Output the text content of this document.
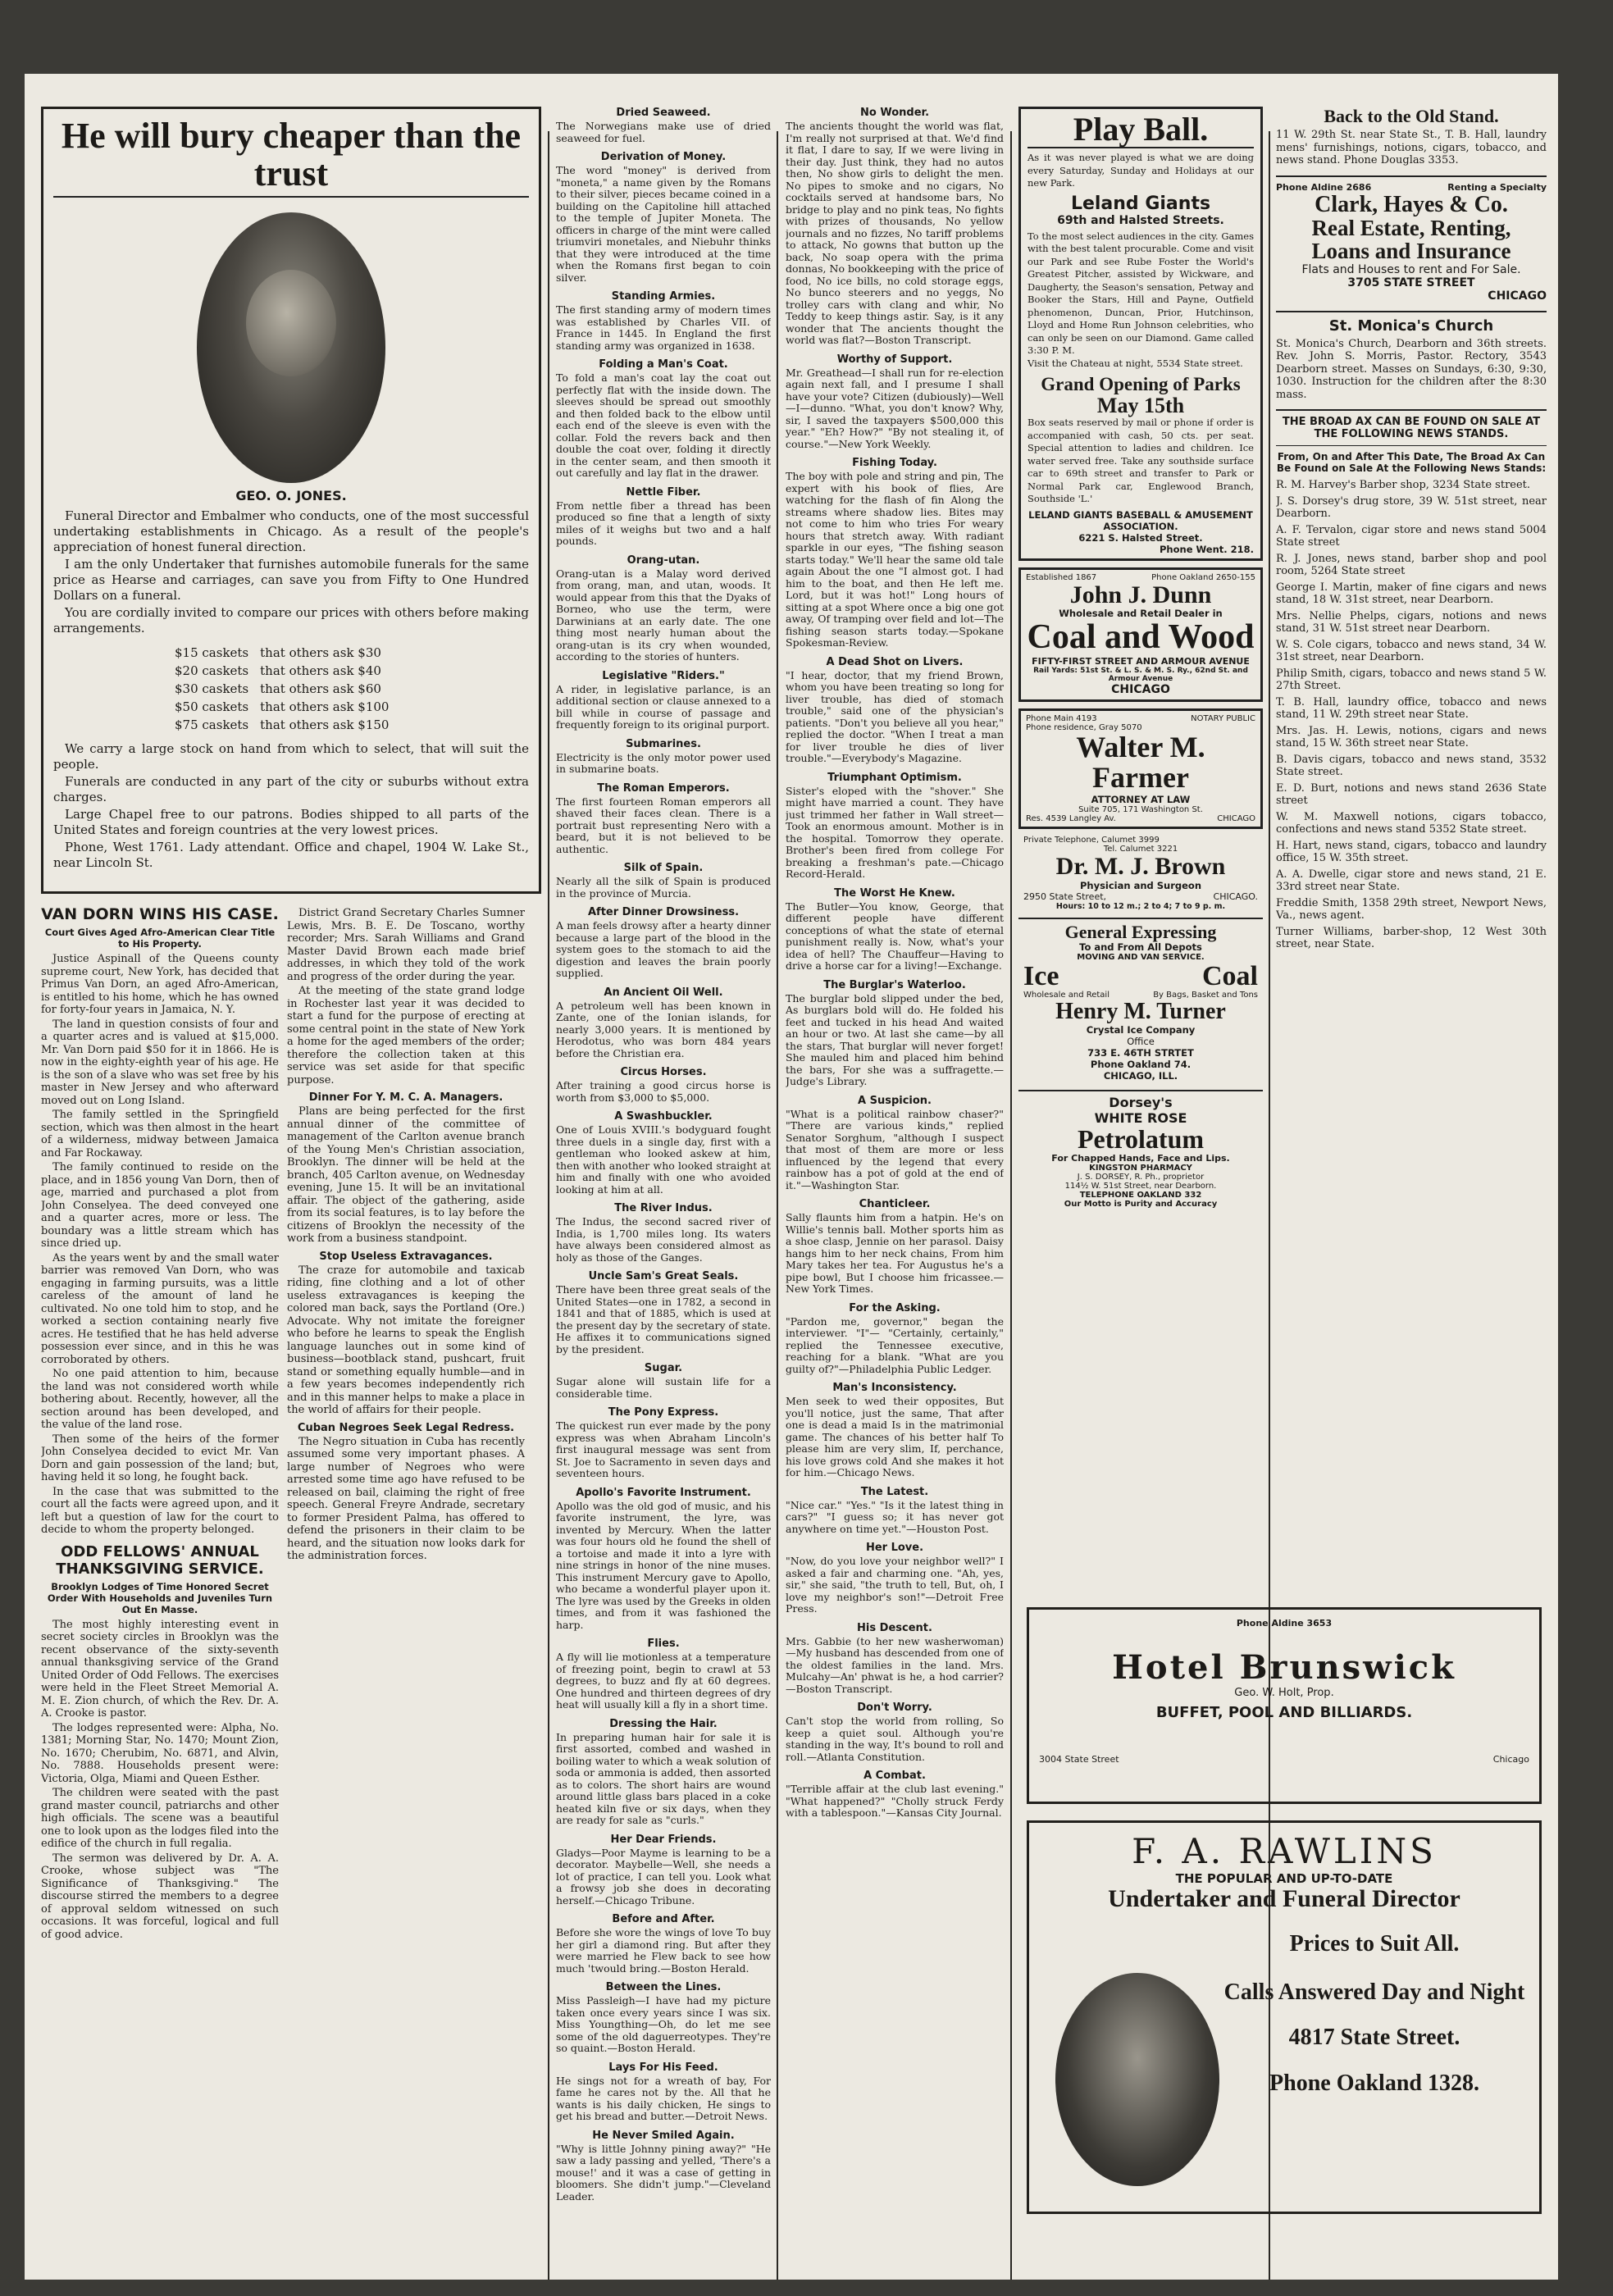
He will bury cheaper than the trust
GEO. O. JONES.

Funeral Director and Embalmer who conducts, one of the most successful undertaking establishments in Chicago. As a result of the people's appreciation of honest funeral direction.

I am the only Undertaker that furnishes automobile funerals for the same price as Hearse and carriages, can save you from Fifty to One Hundred Dollars on a funeral.

You are cordially invited to compare our prices with others before making arrangements.

$15 caskets	that others ask $30
$20 caskets	that others ask $40
$30 caskets	that others ask $60
$50 caskets	that others ask $100
$75 caskets	that others ask $150

We carry a large stock on hand from which to select, that will suit the people.

Funerals are conducted in any part of the city or suburbs without extra charges.

Large Chapel free to our patrons. Bodies shipped to all parts of the United States and foreign countries at the very lowest prices.

Phone, West 1761. Lady attendant. Office and chapel, 1904 W. Lake St., near Lincoln St.

VAN DORN WINS HIS CASE.
Court Gives Aged Afro-American Clear Title to His Property.

Justice Aspinall of the Queens county supreme court, New York, has decided that Primus Van Dorn, an aged Afro-American, is entitled to his home, which he has owned for forty-four years in Jamaica, N. Y.

The land in question consists of four and a quarter acres and is valued at $15,000. Mr. Van Dorn paid $50 for it in 1866. He is now in the eighty-eighth year of his age. He is the son of a slave who was set free by his master in New Jersey and who afterward moved out on Long Island.

The family settled in the Springfield section, which was then almost in the heart of a wilderness, midway between Jamaica and Far Rockaway.

The family continued to reside on the place, and in 1856 young Van Dorn, then of age, married and purchased a plot from John Conselyea. The deed conveyed one and a quarter acres, more or less. The boundary was a little stream which has since dried up.

As the years went by and the small water barrier was removed Van Dorn, who was engaging in farming pursuits, was a little careless of the amount of land he cultivated. No one told him to stop, and he worked a section containing nearly five acres. He testified that he has held adverse possession ever since, and in this he was corroborated by others.

No one paid attention to him, because the land was not considered worth while bothering about. Recently, however, all the section around has been developed, and the value of the land rose.

Then some of the heirs of the former John Conselyea decided to evict Mr. Van Dorn and gain possession of the land; but, having held it so long, he fought back.

In the case that was submitted to the court all the facts were agreed upon, and it left but a question of law for the court to decide to whom the property belonged.

ODD FELLOWS' ANNUAL THANKSGIVING SERVICE.
Brooklyn Lodges of Time Honored Secret Order With Households and Juveniles Turn Out En Masse.

The most highly interesting event in secret society circles in Brooklyn was the recent observance of the sixty-seventh annual thanksgiving service of the Grand United Order of Odd Fellows. The exercises were held in the Fleet Street Memorial A. M. E. Zion church, of which the Rev. Dr. A. A. Crooke is pastor.

The lodges represented were: Alpha, No. 1381; Morning Star, No. 1470; Mount Zion, No. 1670; Cherubim, No. 6871, and Alvin, No. 7888. Households present were: Victoria, Olga, Miami and Queen Esther.

The children were seated with the past grand master council, patriarchs and other high officials. The scene was a beautiful one to look upon as the lodges filed into the edifice of the church in full regalia.

The sermon was delivered by Dr. A. A. Crooke, whose subject was "The Significance of Thanksgiving." The discourse stirred the members to a degree of approval seldom witnessed on such occasions. It was forceful, logical and full of good advice.

District Grand Secretary Charles Sumner Lewis, Mrs. B. E. De Toscano, worthy recorder; Mrs. Sarah Williams and Grand Master David Brown each made brief addresses, in which they told of the work and progress of the order during the year.

At the meeting of the state grand lodge in Rochester last year it was decided to start a fund for the purpose of erecting at some central point in the state of New York a home for the aged members of the order; therefore the collection taken at this service was set aside for that specific purpose.

Dinner For Y. M. C. A. Managers.
Plans are being perfected for the first annual dinner of the committee of management of the Carlton avenue branch of the Young Men's Christian association, Brooklyn. The dinner will be held at the branch, 405 Carlton avenue, on Wednesday evening, June 15. It will be an invitational affair. The object of the gathering, aside from its social features, is to lay before the citizens of Brooklyn the necessity of the work from a business standpoint.
Stop Useless Extravagances.
The craze for automobile and taxicab riding, fine clothing and a lot of other useless extravagances is keeping the colored man back, says the Portland (Ore.) Advocate. Why not imitate the foreigner who before he learns to speak the English language launches out in some kind of business—bootblack stand, pushcart, fruit stand or something equally humble—and in a few years becomes independently rich and in this manner helps to make a place in the world of affairs for their people.
Cuban Negroes Seek Legal Redress.
The Negro situation in Cuba has recently assumed some very important phases. A large number of Negroes who were arrested some time ago have refused to be released on bail, claiming the right of free speech. General Freyre Andrade, secretary to former President Palma, has offered to defend the prisoners in their claim to be heard, and the situation now looks dark for the administration forces.
Dried Seaweed.
The Norwegians make use of dried seaweed for fuel.
Derivation of Money.
The word "money" is derived from "moneta," a name given by the Romans to their silver, pieces became coined in a building on the Capitoline hill attached to the temple of Jupiter Moneta. The officers in charge of the mint were called triumviri monetales, and Niebuhr thinks that they were introduced at the time when the Romans first began to coin silver.
Standing Armies.
The first standing army of modern times was established by Charles VII. of France in 1445. In England the first standing army was organized in 1638.
Folding a Man's Coat.
To fold a man's coat lay the coat out perfectly flat with the inside down. The sleeves should be spread out smoothly and then folded back to the elbow until each end of the sleeve is even with the collar. Fold the revers back and then double the coat over, folding it directly in the center seam, and then smooth it out carefully and lay flat in the drawer.
Nettle Fiber.
From nettle fiber a thread has been produced so fine that a length of sixty miles of it weighs but two and a half pounds.
Orang-utan.
Orang-utan is a Malay word derived from orang, man, and utan, woods. It would appear from this that the Dyaks of Borneo, who use the term, were Darwinians at an early date. The one thing most nearly human about the orang-utan is its cry when wounded, according to the stories of hunters.
Legislative "Riders."
A rider, in legislative parlance, is an additional section or clause annexed to a bill while in course of passage and frequently foreign to its original purport.
Submarines.
Electricity is the only motor power used in submarine boats.
The Roman Emperors.
The first fourteen Roman emperors all shaved their faces clean. There is a portrait bust representing Nero with a beard, but it is not believed to be authentic.
Silk of Spain.
Nearly all the silk of Spain is produced in the province of Murcia.
After Dinner Drowsiness.
A man feels drowsy after a hearty dinner because a large part of the blood in the system goes to the stomach to aid the digestion and leaves the brain poorly supplied.
An Ancient Oil Well.
A petroleum well has been known in Zante, one of the Ionian islands, for nearly 3,000 years. It is mentioned by Herodotus, who was born 484 years before the Christian era.
Circus Horses.
After training a good circus horse is worth from $3,000 to $5,000.
A Swashbuckler.
One of Louis XVIII.'s bodyguard fought three duels in a single day, first with a gentleman who looked askew at him, then with another who looked straight at him and finally with one who avoided looking at him at all.
The River Indus.
The Indus, the second sacred river of India, is 1,700 miles long. Its waters have always been considered almost as holy as those of the Ganges.
Uncle Sam's Great Seals.
There have been three great seals of the United States—one in 1782, a second in 1841 and that of 1885, which is used at the present day by the secretary of state. He affixes it to communications signed by the president.
Sugar.
Sugar alone will sustain life for a considerable time.
The Pony Express.
The quickest run ever made by the pony express was when Abraham Lincoln's first inaugural message was sent from St. Joe to Sacramento in seven days and seventeen hours.
Apollo's Favorite Instrument.
Apollo was the old god of music, and his favorite instrument, the lyre, was invented by Mercury. When the latter was four hours old he found the shell of a tortoise and made it into a lyre with nine strings in honor of the nine muses. This instrument Mercury gave to Apollo, who became a wonderful player upon it. The lyre was used by the Greeks in olden times, and from it was fashioned the harp.
Flies.
A fly will lie motionless at a temperature of freezing point, begin to crawl at 53 degrees, to buzz and fly at 60 degrees. One hundred and thirteen degrees of dry heat will usually kill a fly in a short time.
Dressing the Hair.
In preparing human hair for sale it is first assorted, combed and washed in boiling water to which a weak solution of soda or ammonia is added, then assorted as to colors. The short hairs are wound around little glass bars placed in a coke heated kiln five or six days, when they are ready for sale as "curls."
Her Dear Friends.
Gladys—Poor Mayme is learning to be a decorator. Maybelle—Well, she needs a lot of practice, I can tell you. Look what a frowsy job she does in decorating herself.—Chicago Tribune.
Before and After.
Before she wore the wings of love To buy her girl a diamond ring. But after they were married he Flew back to see how much 'twould bring.—Boston Herald.
Between the Lines.
Miss Passleigh—I have had my picture taken once every years since I was six. Miss Youngthing—Oh, do let me see some of the old daguerreotypes. They're so quaint.—Boston Herald.
Lays For His Feed.
He sings not for a wreath of bay, For fame he cares not by the. All that he wants is his daily chicken, He sings to get his bread and butter.—Detroit News.
He Never Smiled Again.
"Why is little Johnny pining away?" "He saw a lady passing and yelled, 'There's a mouse!' and it was a case of getting in bloomers. She didn't jump."—Cleveland Leader.
No Wonder.
The ancients thought the world was flat, I'm really not surprised at that. We'd find it flat, I dare to say, If we were living in their day. Just think, they had no autos then, No show girls to delight the men. No pipes to smoke and no cigars, No cocktails served at handsome bars, No bridge to play and no pink teas, No fights with prizes of thousands, No yellow journals and no fizzes, No tariff problems to attack, No gowns that button up the back, No soap opera with the prima donnas, No bookkeeping with the price of food, No ice bills, no cold storage eggs, No bunco steerers and no yeggs, No trolley cars with clang and whir, No Teddy to keep things astir. Say, is it any wonder that The ancients thought the world was flat?—Boston Transcript.
Worthy of Support.
Mr. Greathead—I shall run for re-election again next fall, and I presume I shall have your vote? Citizen (dubiously)—Well—I—dunno. "What, you don't know? Why, sir, I saved the taxpayers $500,000 this year." "Eh? How?" "By not stealing it, of course."—New York Weekly.
Fishing Today.
The boy with pole and string and pin, The expert with his book of flies, Are watching for the flash of fin Along the streams where shadow lies. Bites may not come to him who tries For weary hours that stretch away. With radiant sparkle in our eyes, "The fishing season starts today." We'll hear the same old tale again About the one "I almost got. I had him to the boat, and then He left me. Lord, but it was hot!" Long hours of sitting at a spot Where once a big one got away, Of tramping over field and lot—The fishing season starts today.—Spokane Spokesman-Review.
A Dead Shot on Livers.
"I hear, doctor, that my friend Brown, whom you have been treating so long for liver trouble, has died of stomach trouble," said one of the physician's patients. "Don't you believe all you hear," replied the doctor. "When I treat a man for liver trouble he dies of liver trouble."—Everybody's Magazine.
Triumphant Optimism.
Sister's eloped with the "shover." She might have married a count. They have just trimmed her father in Wall street—Took an enormous amount. Mother is in the hospital. Tomorrow they operate. Brother's been fired from college For breaking a freshman's pate.—Chicago Record-Herald.
The Worst He Knew.
The Butler—You know, George, that different people have different conceptions of what the state of eternal punishment really is. Now, what's your idea of hell? The Chauffeur—Having to drive a horse car for a living!—Exchange.
The Burglar's Waterloo.
The burglar bold slipped under the bed, As burglars bold will do. He folded his feet and tucked in his head And waited an hour or two. At last she came—by all the stars, That burglar will never forget! She mauled him and placed him behind the bars, For she was a suffragette.—Judge's Library.
A Suspicion.
"What is a political rainbow chaser?" "There are various kinds," replied Senator Sorghum, "although I suspect that most of them are more or less influenced by the legend that every rainbow has a pot of gold at the end of it."—Washington Star.
Chanticleer.
Sally flaunts him from a hatpin. He's on Willie's tennis ball. Mother sports him as a shoe clasp, Jennie on her parasol. Daisy hangs him to her neck chains, From him Mary takes her tea. For Augustus he's a pipe bowl, But I choose him fricassee.—New York Times.
For the Asking.
"Pardon me, governor," began the interviewer. "I"— "Certainly, certainly," replied the Tennessee executive, reaching for a blank. "What are you guilty of?"—Philadelphia Public Ledger.
Man's Inconsistency.
Men seek to wed their opposites, But you'll notice, just the same, That after one is dead a maid Is in the matrimonial game. The chances of his better half To please him are very slim, If, perchance, his love grows cold And she makes it hot for him.—Chicago News.
The Latest.
"Nice car." "Yes." "Is it the latest thing in cars?" "I guess so; it has never got anywhere on time yet."—Houston Post.
Her Love.
"Now, do you love your neighbor well?" I asked a fair and charming one. "Ah, yes, sir," she said, "the truth to tell, But, oh, I love my neighbor's son!"—Detroit Free Press.
His Descent.
Mrs. Gabbie (to her new washerwoman)—My husband has descended from one of the oldest families in the land. Mrs. Mulcahy—An' phwat is he, a hod carrier?—Boston Transcript.
Don't Worry.
Can't stop the world from rolling, So keep a quiet soul. Although you're standing in the way, It's bound to roll and roll.—Atlanta Constitution.
A Combat.
"Terrible affair at the club last evening." "What happened?" "Cholly struck Ferdy with a tablespoon."—Kansas City Journal.
Play Ball.
As it was never played is what we are doing every Saturday, Sunday and Holidays at our new Park.
Leland Giants
69th and Halsted Streets.
To the most select audiences in the city. Games with the best talent procurable. Come and visit our Park and see Rube Foster the World's Greatest Pitcher, assisted by Wickware, and Daugherty, the Season's sensation, Petway and Booker the Stars, Hill and Payne, Outfield phenomenon, Duncan, Prior, Hutchinson, Lloyd and Home Run Johnson celebrities, who can only be seen on our Diamond. Game called 3:30 P. M.
Visit the Chateau at night, 5534 State street.
Grand Opening of Parks
May 15th
Box seats reserved by mail or phone if order is accompanied with cash, 50 cts. per seat. Special attention to ladies and children. Ice water served free. Take any southside surface car to 69th street and transfer to Park or Normal Park car, Englewood Branch, Southside 'L.'
LELAND GIANTS BASEBALL & AMUSEMENT ASSOCIATION.
6221 S. Halsted Street.
Phone Went. 218.
Established 1867	Phone Oakland 2650-155
John J. Dunn
Wholesale and Retail Dealer in
Coal and Wood
FIFTY-FIRST STREET AND ARMOUR AVENUE
Rail Yards: 51st St. & L. S. & M. S. Ry., 62nd St. and Armour Avenue
CHICAGO
Phone Main 4193	NOTARY PUBLIC
Phone residence, Gray 5070
Walter M. Farmer
ATTORNEY AT LAW
Suite 705, 171 Washington St.
Res. 4539 Langley Av.	CHICAGO
Private Telephone, Calumet 3999
Tel. Calumet 3221
Dr. M. J. Brown
Physician and Surgeon
2950 State Street,	CHICAGO.
Hours: 10 to 12 m.; 2 to 4; 7 to 9 p. m.
General Expressing
To and From All Depots
MOVING AND VAN SERVICE.
Ice	Coal
Wholesale and Retail	By Bags, Basket and Tons
Henry M. Turner
Crystal Ice Company
Office
733 E. 46TH STRTET
Phone Oakland 74.
CHICAGO, ILL.
Dorsey's
WHITE ROSE
Petrolatum
For Chapped Hands, Face and Lips.
KINGSTON PHARMACY
J. S. DORSEY, R. Ph., proprietor
114½ W. 51st Street, near Dearborn.
TELEPHONE OAKLAND 332
Our Motto is Purity and Accuracy
Back to the Old Stand.
11 W. 29th St. near State St., T. B. Hall, laundry mens' furnishings, notions, cigars, tobacco, and news stand. Phone Douglas 3353.
Phone Aldine 2686	Renting a Specialty
Clark, Hayes & Co.
Real Estate, Renting,
Loans and Insurance
Flats and Houses to rent and For Sale.
3705 STATE STREET
CHICAGO
St. Monica's Church
St. Monica's Church, Dearborn and 36th streets. Rev. John S. Morris, Pastor. Rectory, 3543 Dearborn street. Masses on Sundays, 6:30, 9:30, 1030. Instruction for the children after the 8:30 mass.
THE BROAD AX CAN BE FOUND ON SALE AT THE FOLLOWING NEWS STANDS.
From, On and After This Date, The Broad Ax Can Be Found on Sale At the Following News Stands:
R. M. Harvey's Barber shop, 3234 State street.
J. S. Dorsey's drug store, 39 W. 51st street, near Dearborn.
A. F. Tervalon, cigar store and news stand 5004 State street
R. J. Jones, news stand, barber shop and pool room, 5264 State street
George I. Martin, maker of fine cigars and news stand, 18 W. 31st street, near Dearborn.
Mrs. Nellie Phelps, cigars, notions and news stand, 31 W. 51st street near Dearborn.
W. S. Cole cigars, tobacco and news stand, 34 W. 31st street, near Dearborn.
Philip Smith, cigars, tobacco and news stand 5 W. 27th Street.
T. B. Hall, laundry office, tobacco and news stand, 11 W. 29th street near State.
Mrs. Jas. H. Lewis, notions, cigars and news stand, 15 W. 36th street near State.
B. Davis cigars, tobacco and news stand, 3532 State street.
E. D. Burt, notions and news stand 2636 State street
W. M. Maxwell notions, cigars tobacco, confections and news stand 5352 State street.
H. Hart, news stand, cigars, tobacco and laundry office, 15 W. 35th street.
A. A. Dwelle, cigar store and news stand, 21 E. 33rd street near State.
Freddie Smith, 1358 29th street, Newport News, Va., news agent.
Turner Williams, barber-shop, 12 West 30th street, near State.
Phone Aldine 3653
Hotel Brunswick
Geo. W. Holt, Prop.
BUFFET, POOL AND BILLIARDS.
3004 State Street	Chicago
F. A. RAWLINS
THE POPULAR AND UP-TO-DATE
Undertaker and Funeral Director
Prices to Suit All.
Calls Answered Day and Night
4817 State Street.
Phone Oakland 1328.
